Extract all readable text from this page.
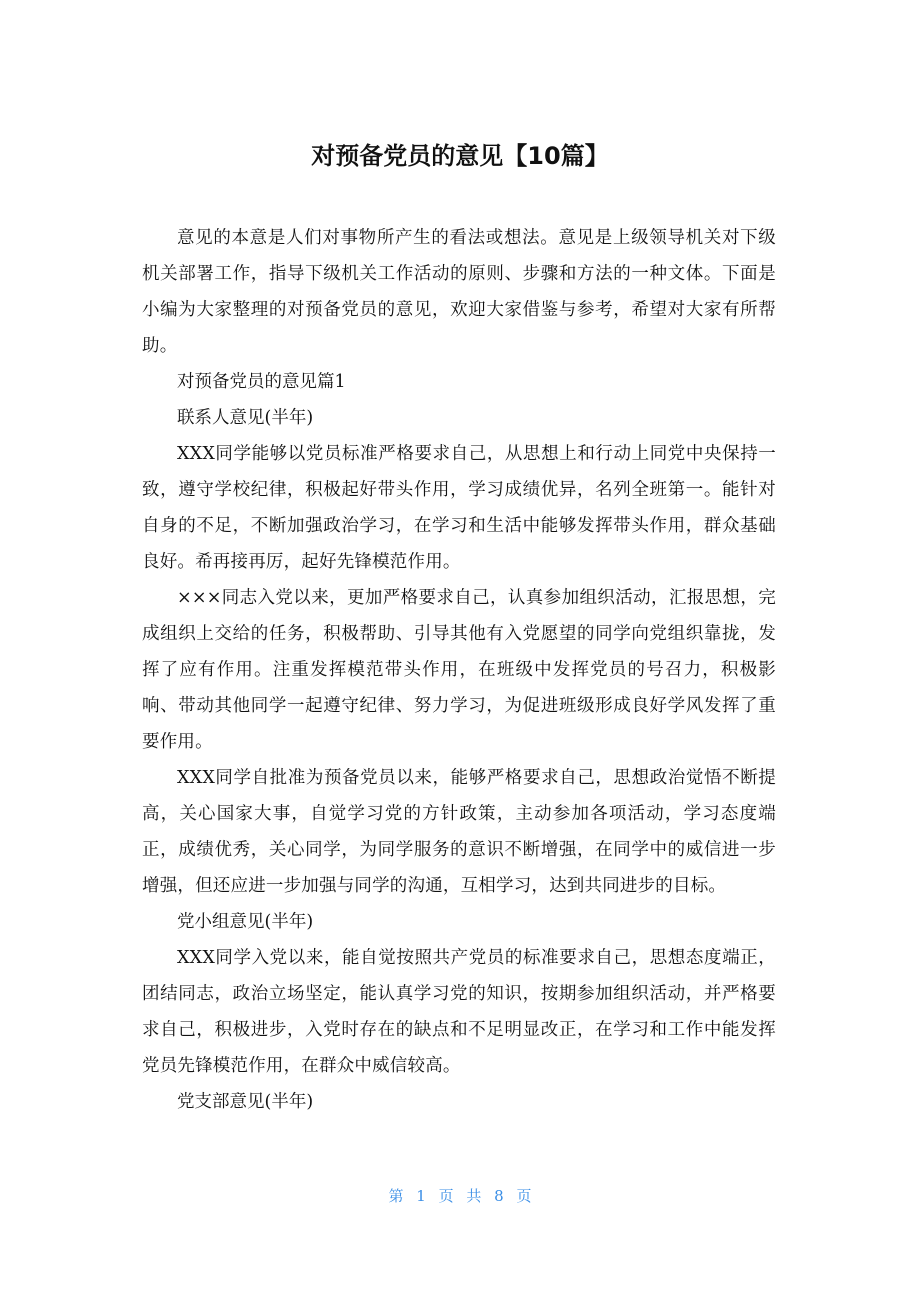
对预备党员的意见【10篇】

意见的本意是人们对事物所产生的看法或想法。意见是上级领导机关对下级机关部署工作，指导下级机关工作活动的原则、步骤和方法的一种文体。下面是小编为大家整理的对预备党员的意见，欢迎大家借鉴与参考，希望对大家有所帮助。

对预备党员的意见篇1

联系人意见(半年)

XXX同学能够以党员标准严格要求自己，从思想上和行动上同党中央保持一致，遵守学校纪律，积极起好带头作用，学习成绩优异，名列全班第一。能针对自身的不足，不断加强政治学习，在学习和生活中能够发挥带头作用，群众基础良好。希再接再厉，起好先锋模范作用。

×××同志入党以来，更加严格要求自己，认真参加组织活动，汇报思想，完成组织上交给的任务，积极帮助、引导其他有入党愿望的同学向党组织靠拢，发挥了应有作用。注重发挥模范带头作用，在班级中发挥党员的号召力，积极影响、带动其他同学一起遵守纪律、努力学习，为促进班级形成良好学风发挥了重要作用。

XXX同学自批准为预备党员以来，能够严格要求自己，思想政治觉悟不断提高，关心国家大事，自觉学习党的方针政策，主动参加各项活动，学习态度端正，成绩优秀，关心同学，为同学服务的意识不断增强，在同学中的威信进一步增强，但还应进一步加强与同学的沟通，互相学习，达到共同进步的目标。

党小组意见(半年)

XXX同学入党以来，能自觉按照共产党员的标准要求自己，思想态度端正，团结同志，政治立场坚定，能认真学习党的知识，按期参加组织活动，并严格要求自己，积极进步，入党时存在的缺点和不足明显改正，在学习和工作中能发挥党员先锋模范作用，在群众中威信较高。

党支部意见(半年)

第 1 页 共 8 页
